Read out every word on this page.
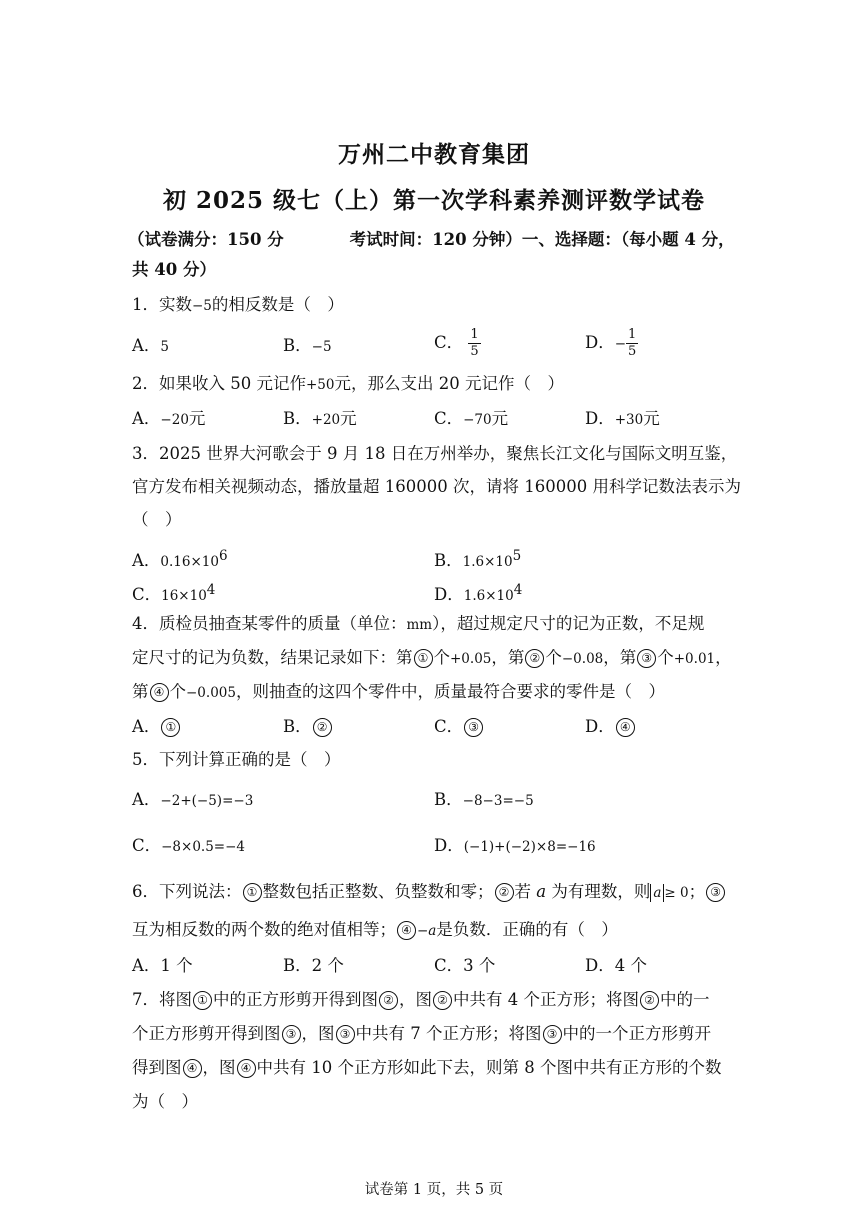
万州二中教育集团
初 2025 级七（上）第一次学科素养测评数学试卷
（试卷满分：150 分　　　　考试时间：120 分钟）一、选择题：（每小题 4 分，
共 40 分）
1．实数−5的相反数是（　）
A．5	B．−5	C． $\frac{1}{5}$	D．− $\frac{1}{5}$
2．如果收入 50 元记作+50元，那么支出 20 元记作（　）
A．−20元	B．+20元	C．−70元	D．+30元
3．2025 世界大河歌会于 9 月 18 日在万州举办，聚焦长江文化与国际文明互鉴，
官方发布相关视频动态，播放量超 160000 次，请将 160000 用科学记数法表示为
（　）
A．$0.16\times 10^6$	B．$1.6\times 10^5$
C．$16\times 10^4$	D．$1.6\times 10^4$
4．质检员抽查某零件的质量（单位：mm），超过规定尺寸的记为正数，不足规
定尺寸的记为负数，结果记录如下：第 ① 个+0.05，第 ② 个−0.08，第 ③ 个+0.01，
第 ④ 个−0.005，则抽查的这四个零件中，质量最符合要求的零件是（　）
A． ①	B． ②	C． ③	D． ④
5．下列计算正确的是（　）
A．−2+(−5)=−3	B．−8−3=−5
C．−8×0.5=−4	D．(−1)+(−2)×8=−16
6．下列说法： ① 整数包括正整数、负整数和零； ② 若 a 为有理数，则 a ≥ 0； ③
互为相反数的两个数的绝对值相等； ④ −a是负数．正确的有（　）
A．1 个	B．2 个	C．3 个	D．4 个
7．将图 ① 中的正方形剪开得到图 ② ，图 ② 中共有 4 个正方形；将图 ② 中的一
个正方形剪开得到图 ③ ，图 ③ 中共有 7 个正方形；将图 ③ 中的一个正方形剪开
得到图 ④ ，图 ④ 中共有 10 个正方形如此下去，则第 8 个图中共有正方形的个数
为（　）
试卷第 1 页，共 5 页
